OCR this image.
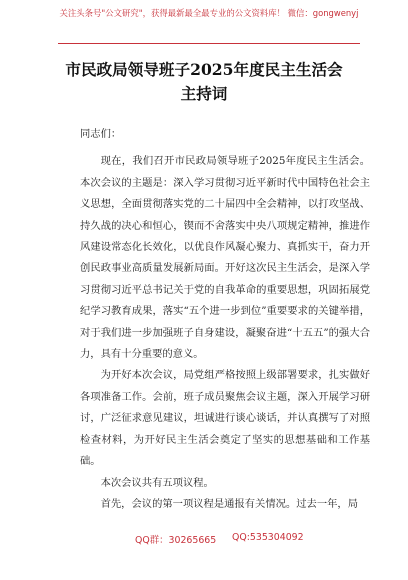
关注头条号"公文研究"，获得最新最全最专业的公文资料库！ 微信：gongwenyj
市民政局领导班子2025年度民主生活会
主持词

同志们：

现在，我们召开市民政局领导班子2025年度民主生活会。本次会议的主题是：深入学习贯彻习近平新时代中国特色社会主义思想，全面贯彻落实党的二十届四中全会精神，以打攻坚战、持久战的决心和恒心，锲而不舍落实中央八项规定精神，推进作风建设常态化长效化，以优良作风凝心聚力、真抓实干，奋力开创民政事业高质量发展新局面。开好这次民主生活会，是深入学习贯彻习近平总书记关于党的自我革命的重要思想，巩固拓展党纪学习教育成果，落实“五个进一步到位”重要要求的关键举措，对于我们进一步加强班子自身建设，凝聚奋进“十五五”的强大合力，具有十分重要的意义。

为开好本次会议，局党组严格按照上级部署要求，扎实做好各项准备工作。会前，班子成员聚焦会议主题，深入开展学习研讨，广泛征求意见建议，坦诚进行谈心谈话，并认真撰写了对照检查材料，为开好民主生活会奠定了坚实的思想基础和工作基础。

本次会议共有五项议程。

首先，会议的第一项议程是通报有关情况。过去一年，局

QQ群：30265665 QQ:535304092
